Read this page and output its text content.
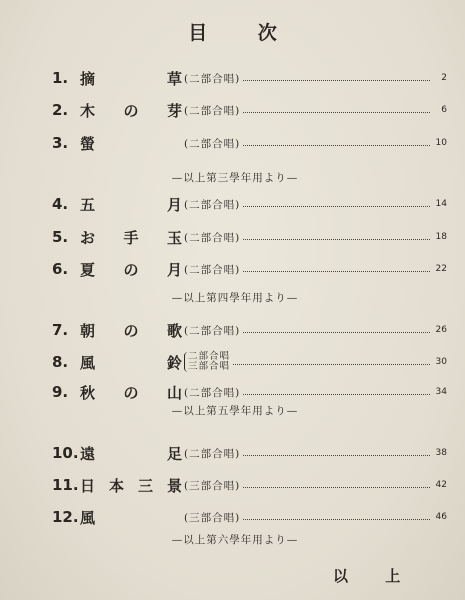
目 次
1. 摘	草 (二部合唱)	2
2. 木 の 芽 (二部合唱)	6
3. 螢	(二部合唱)	10
4. 五	月 (二部合唱)	14
5. お 手 玉 (二部合唱)	18
6. 夏 の 月 (二部合唱)	22
7. 朝 の 歌 (二部合唱)	26
8. 風	鈴 二部合唱
三部合唱	30
9. 秋 の 山 (二部合唱)	34
10. 遠	足 (二部合唱)	38
11. 日 本 三 景 (三部合唱)	42
12. 風	(三部合唱)	46
—以上第三學年用より—
—以上第四學年用より—
—以上第五學年用より—
—以上第六學年用より—
以 上
